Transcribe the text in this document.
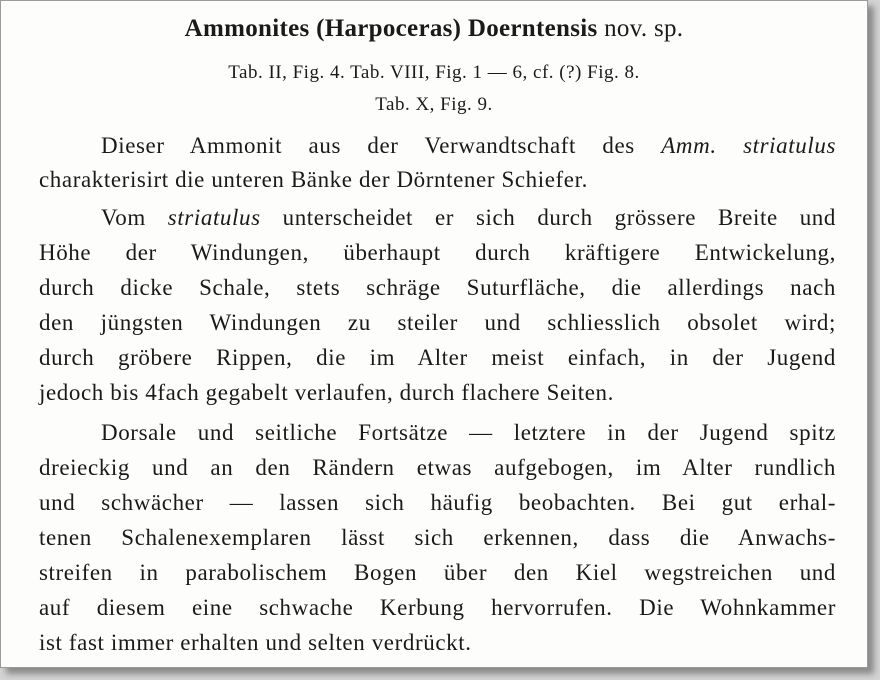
Ammonites (Harpoceras) Doerntensis nov. sp.
Tab. II, Fig. 4. Tab. VIII, Fig. 1 — 6, cf. (?) Fig. 8.
Tab. X, Fig. 9.
Dieser Ammonit aus der Verwandtschaft des Amm. striatulus
charakterisirt die unteren Bänke der Dörntener Schiefer.
Vom striatulus unterscheidet er sich durch grössere Breite und
Höhe der Windungen, überhaupt durch kräftigere Entwickelung,
durch dicke Schale, stets schräge Suturfläche, die allerdings nach
den jüngsten Windungen zu steiler und schliesslich obsolet wird;
durch gröbere Rippen, die im Alter meist einfach, in der Jugend
jedoch bis 4fach gegabelt verlaufen, durch flachere Seiten.
Dorsale und seitliche Fortsätze — letztere in der Jugend spitz
dreieckig und an den Rändern etwas aufgebogen, im Alter rundlich
und schwächer — lassen sich häufig beobachten. Bei gut erhal-
tenen Schalenexemplaren lässt sich erkennen, dass die Anwachs-
streifen in parabolischem Bogen über den Kiel wegstreichen und
auf diesem eine schwache Kerbung hervorrufen. Die Wohnkammer
ist fast immer erhalten und selten verdrückt.
